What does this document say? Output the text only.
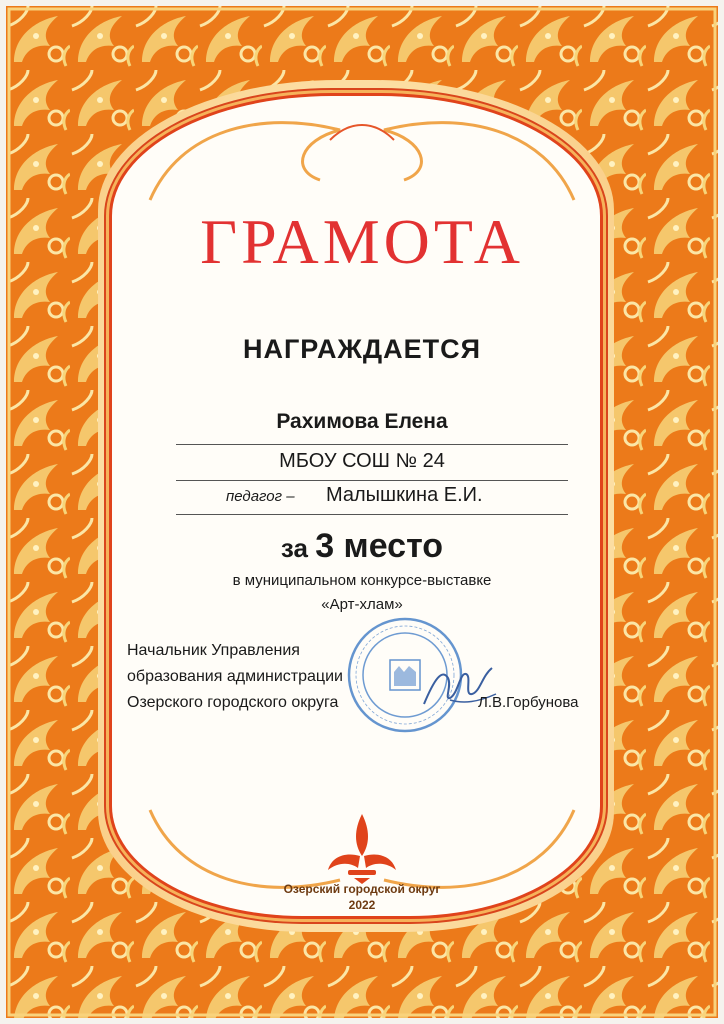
ГРАМОТА
НАГРАЖДАЕТСЯ
Рахимова Елена
МБОУ СОШ № 24
педагог – Малышкина Е.И.
за 3 место
в муниципальном конкурсе-выставке
«Арт-хлам»
Начальник Управления
образования администрации
Озерского городского округа	Л.В.Горбунова
Озерский городской округ
2022
